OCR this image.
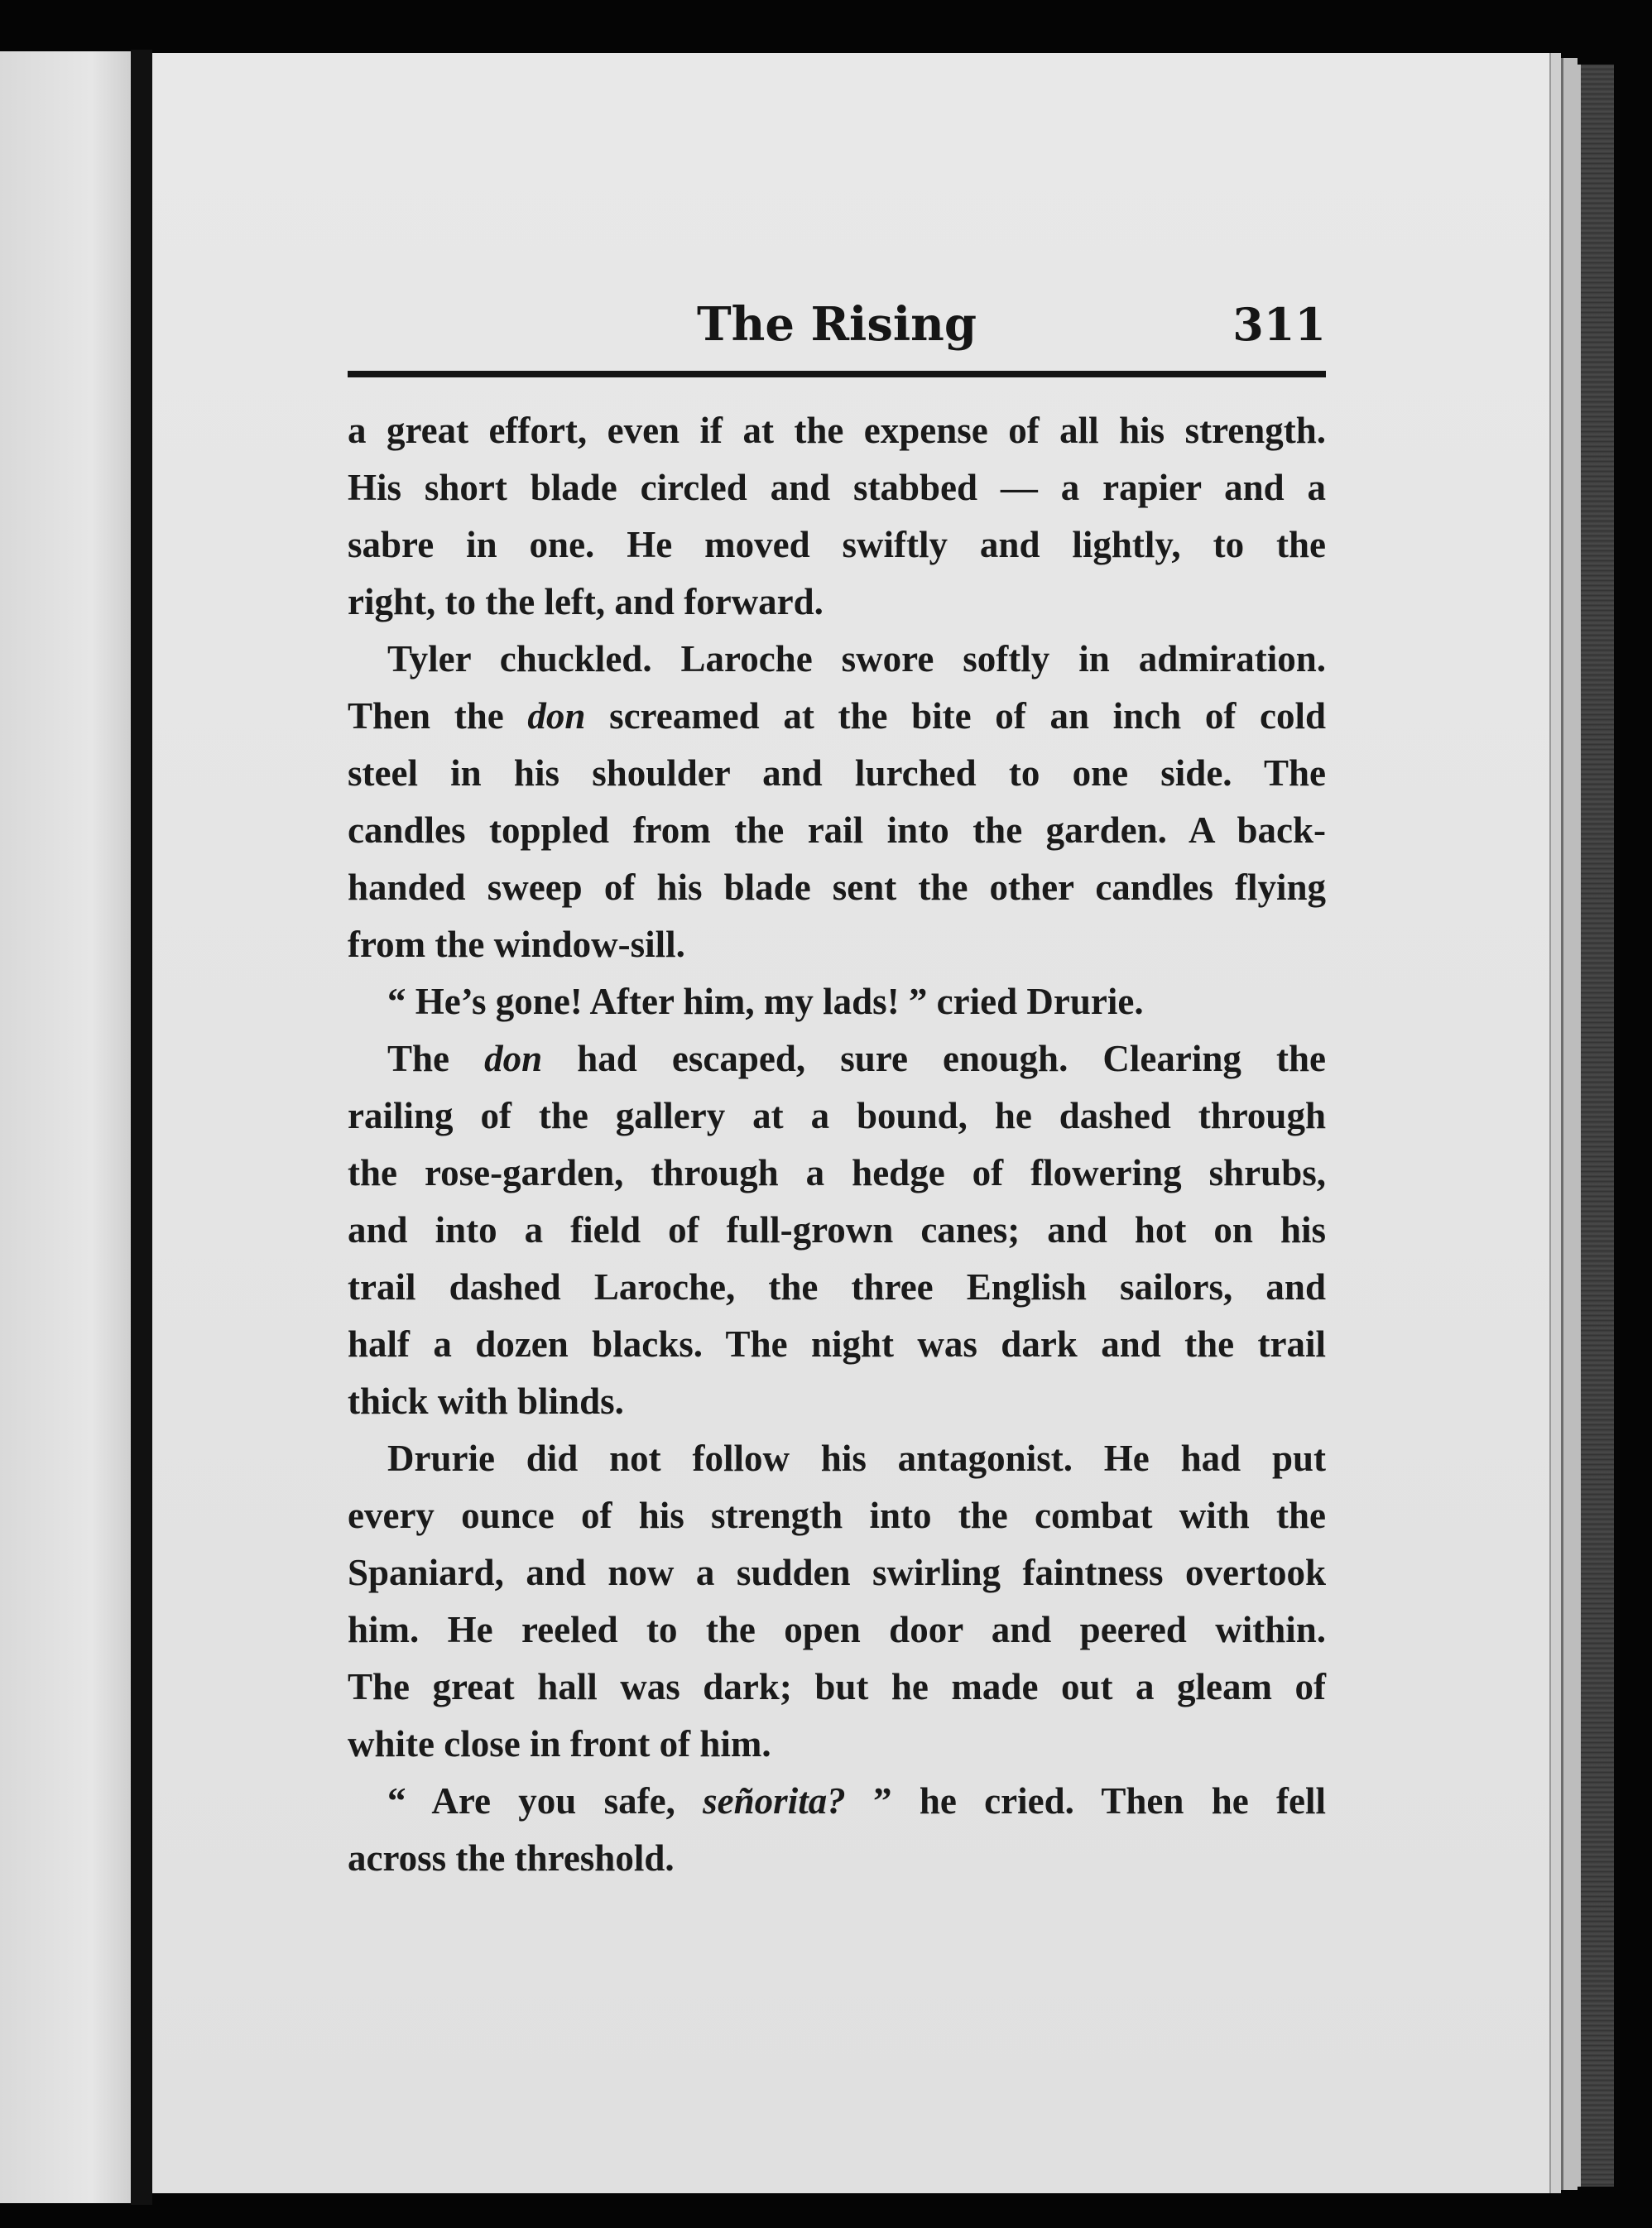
The Rising	311

a great effort, even if at the expense of all his strength.
His short blade circled and stabbed — a rapier and a
sabre in one. He moved swiftly and lightly, to the
right, to the left, and forward.

Tyler chuckled. Laroche swore softly in admiration.
Then the don screamed at the bite of an inch of cold
steel in his shoulder and lurched to one side. The
candles toppled from the rail into the garden. A back-
handed sweep of his blade sent the other candles flying
from the window-sill.

“ He’s gone! After him, my lads! ” cried Drurie.

The don had escaped, sure enough. Clearing the
railing of the gallery at a bound, he dashed through
the rose-garden, through a hedge of flowering shrubs,
and into a field of full-grown canes; and hot on his
trail dashed Laroche, the three English sailors, and
half a dozen blacks. The night was dark and the trail
thick with blinds.

Drurie did not follow his antagonist. He had put
every ounce of his strength into the combat with the
Spaniard, and now a sudden swirling faintness overtook
him. He reeled to the open door and peered within.
The great hall was dark; but he made out a gleam of
white close in front of him.

“ Are you safe, señorita? ” he cried. Then he fell
across the threshold.
